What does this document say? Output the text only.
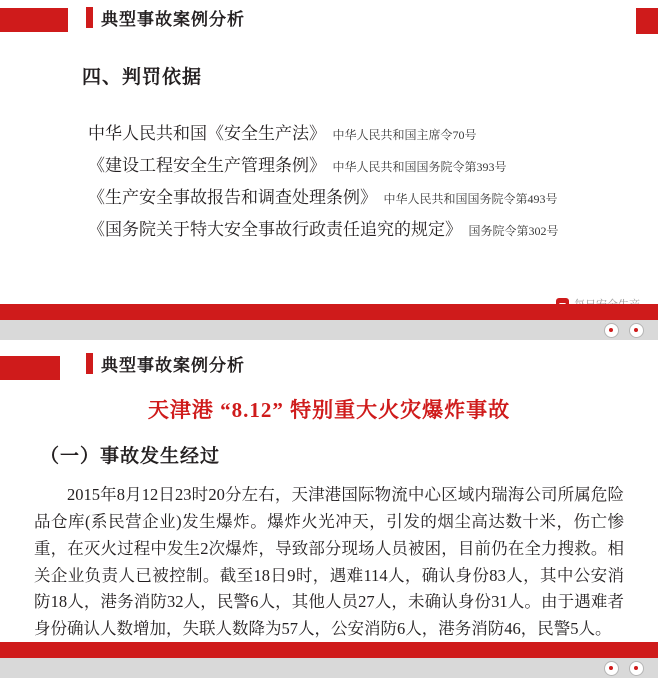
典型事故案例分析
四、判罚依据
中华人民共和国《安全生产法》 中华人民共和国主席令70号
《建设工程安全生产管理条例》 中华人民共和国国务院令第393号
《生产安全事故报告和调查处理条例》 中华人民共和国国务院令第493号
《国务院关于特大安全事故行政责任追究的规定》 国务院令第302号
典型事故案例分析
天津港 “8.12” 特别重大火灾爆炸事故
（一）事故发生经过

2015年8月12日23时20分左右，天津港国际物流中心区域内瑞海公司所属危险品仓库(系民营企业)发生爆炸。爆炸火光冲天，引发的烟尘高达数十米，伤亡惨重，在灭火过程中发生2次爆炸，导致部分现场人员被困，目前仍在全力搜救。相关企业负责人已被控制。截至18日9时，遇难114人，确认身份83人，其中公安消防18人，港务消防32人，民警6人，其他人员27人，未确认身份31人。由于遇难者身份确认人数增加，失联人数降为57人，公安消防6人，港务消防46，民警5人。
